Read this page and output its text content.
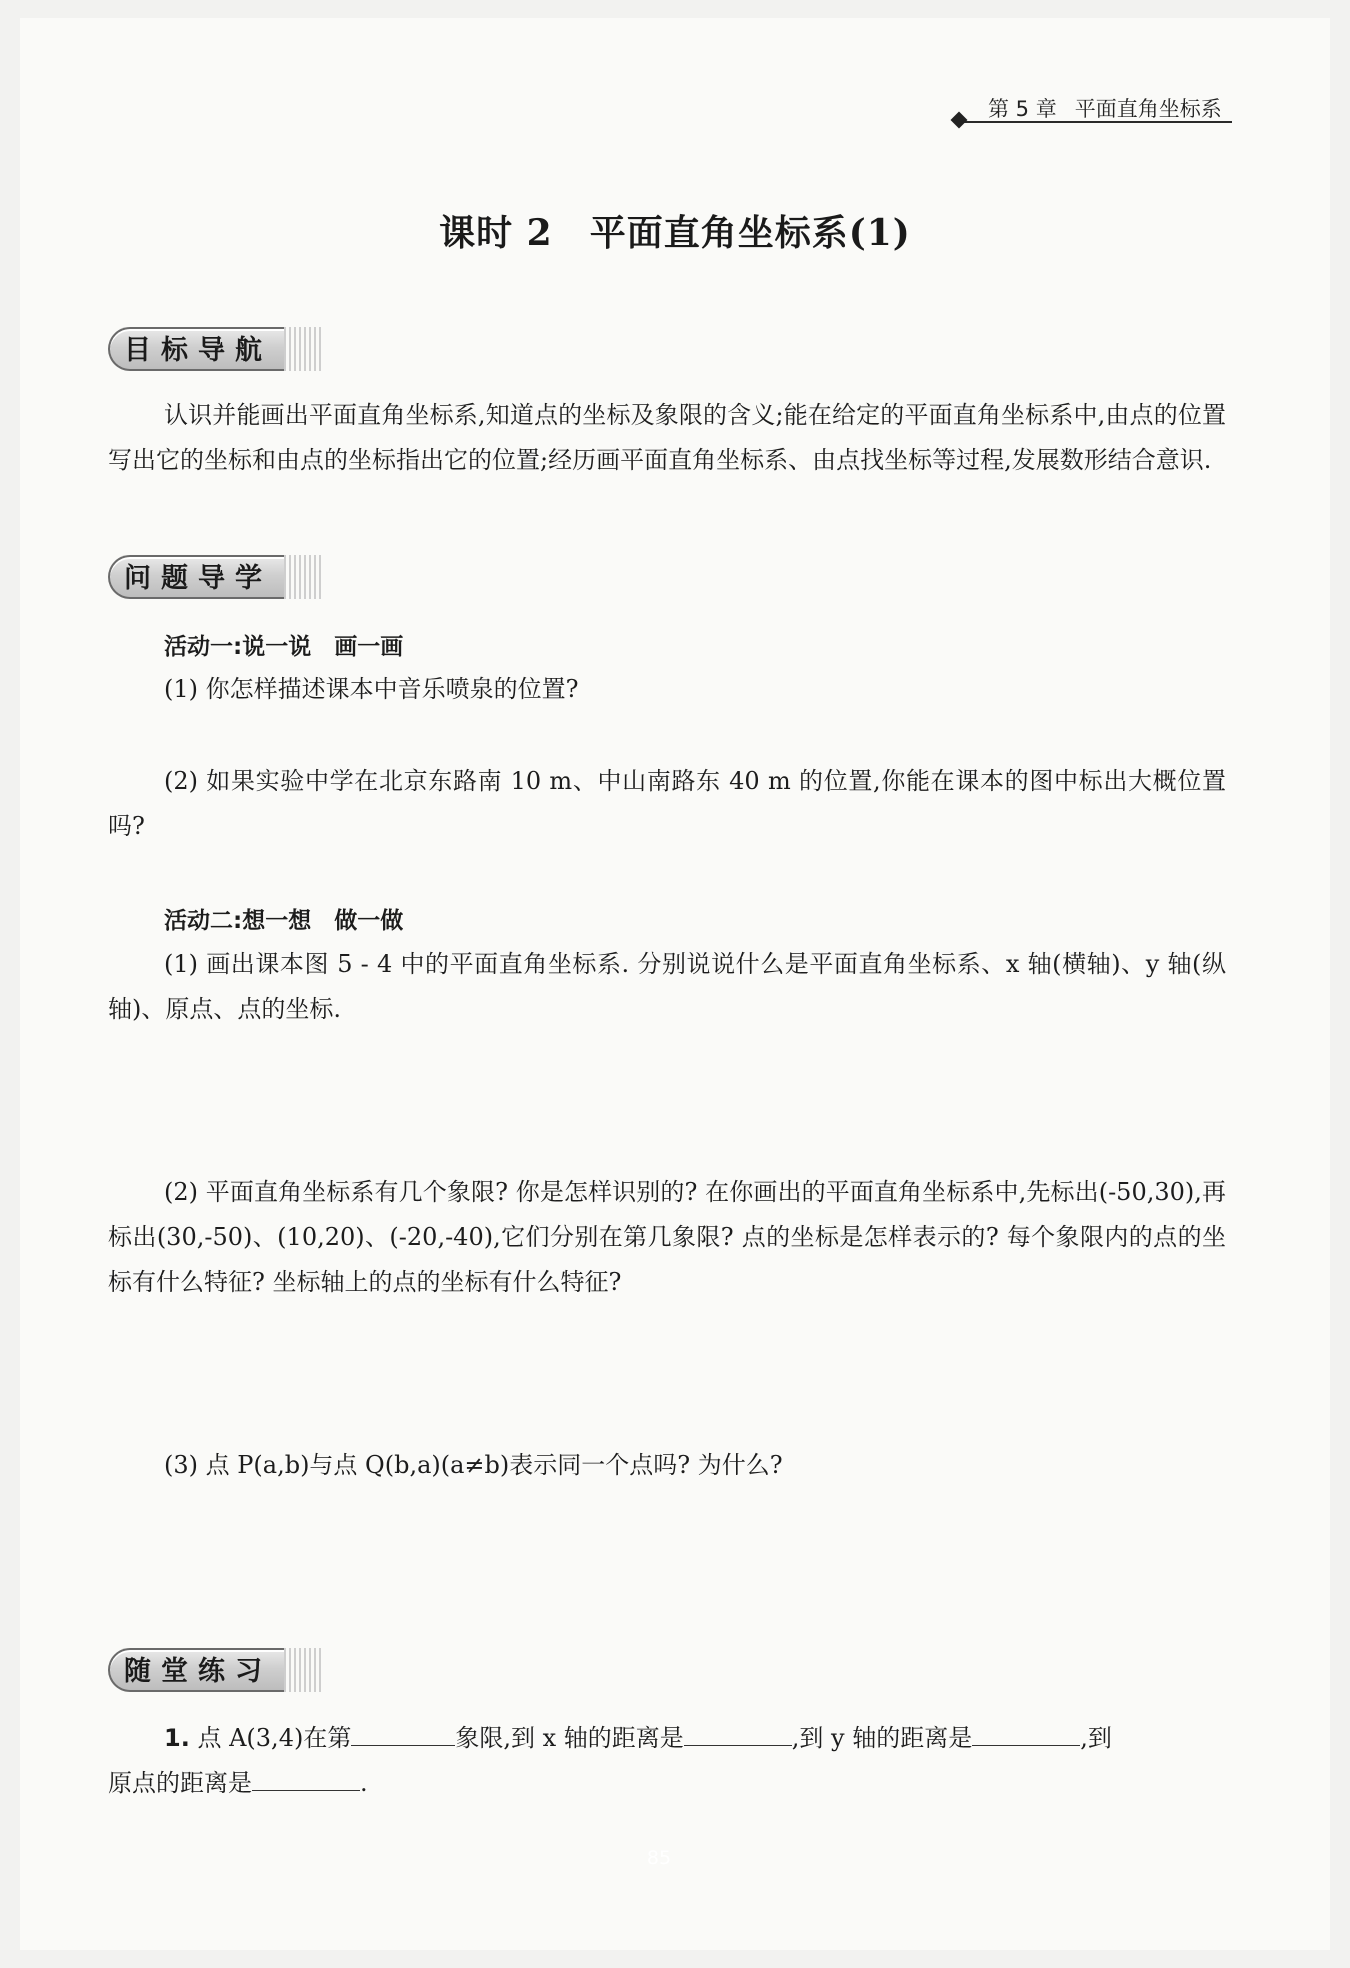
第 5 章 平面直角坐标系
课时 2　平面直角坐标系(1)
目标导航
认识并能画出平面直角坐标系,知道点的坐标及象限的含义;能在给定的平面直角坐标系中,由点的位置写出它的坐标和由点的坐标指出它的位置;经历画平面直角坐标系、由点找坐标等过程,发展数形结合意识.
问题导学
活动一:说一说　画一画
(1) 你怎样描述课本中音乐喷泉的位置?
(2) 如果实验中学在北京东路南 10 m、中山南路东 40 m 的位置,你能在课本的图中标出大概位置吗?
活动二:想一想　做一做
(1) 画出课本图 5 - 4 中的平面直角坐标系. 分别说说什么是平面直角坐标系、x 轴(横轴)、y 轴(纵轴)、原点、点的坐标.
(2) 平面直角坐标系有几个象限? 你是怎样识别的? 在你画出的平面直角坐标系中,先标出(-50,30),再标出(30,-50)、(10,20)、(-20,-40),它们分别在第几象限? 点的坐标是怎样表示的? 每个象限内的点的坐标有什么特征? 坐标轴上的点的坐标有什么特征?
(3) 点 P(a,b)与点 Q(b,a)(a≠b)表示同一个点吗? 为什么?
随堂练习
1. 点 A(3,4)在第	象限,到 x 轴的距离是	,到 y 轴的距离是	,到
原点的距离是	.
85
